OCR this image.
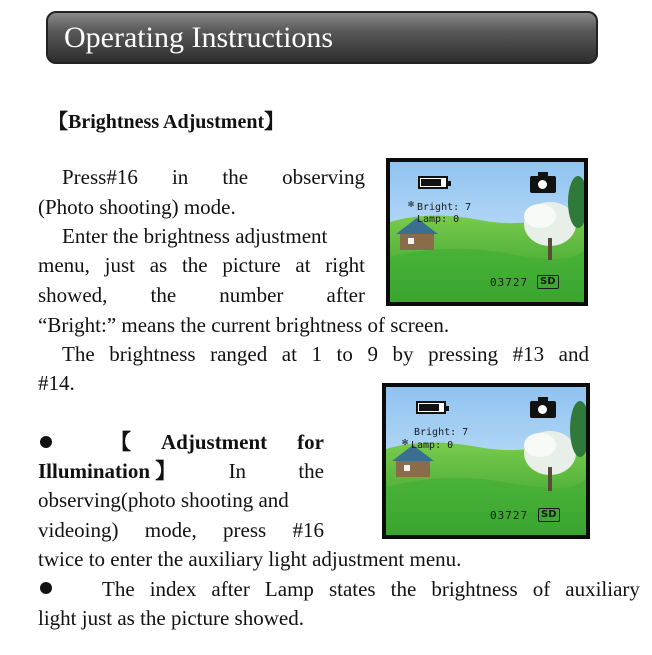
Operating Instructions
【Brightness Adjustment】
Press#16 in the observing
(Photo shooting) mode.
Enter the brightness adjustment
menu, just as the picture at right
showed, the number after
“Bright:” means the current brightness of screen.
The brightness ranged at 1 to 9 by pressing #13 and
#14.
【 Adjustment for
Illumination 】 In the
observing(photo shooting and
videoing) mode, press #16
twice to enter the auxiliary light adjustment menu.
The index after Lamp states the brightness of auxiliary
light just as the picture showed.
✻ Bright: 7
Lamp: 0
03727	SD
Bright: 7
✻ Lamp: 0
03727	SD
